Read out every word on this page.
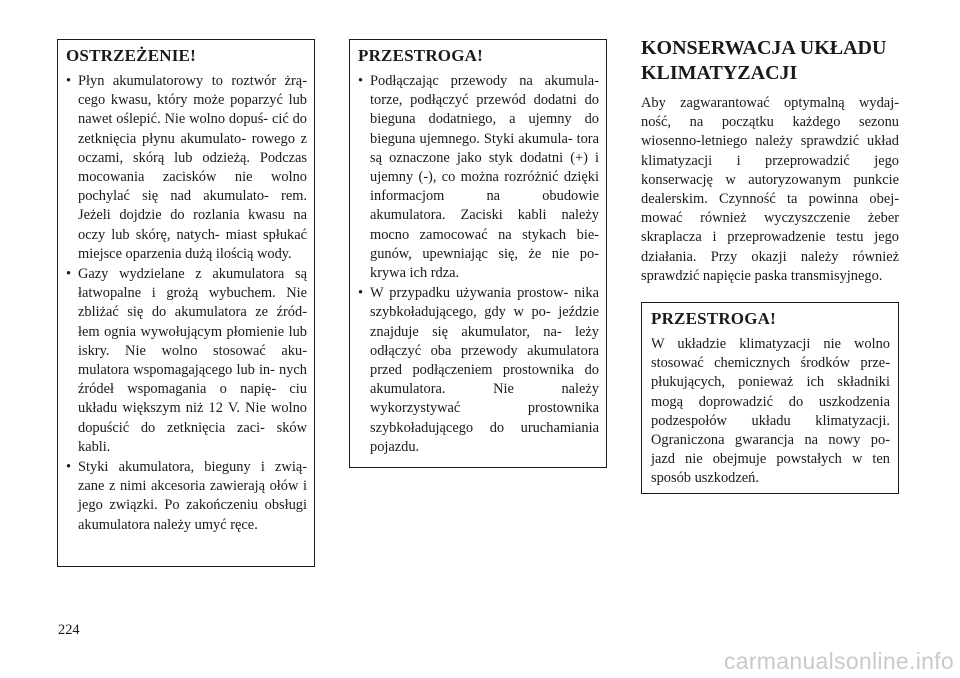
OSTRZEŻENIE!
• Płyn akumulatorowy to roztwór żrą- cego kwasu, który może poparzyć lub nawet oślepić. Nie wolno dopuś- cić do zetknięcia płynu akumulato- rowego z oczami, skórą lub odzieżą. Podczas mocowania zacisków nie wolno pochylać się nad akumulato- rem. Jeżeli dojdzie do rozlania kwasu na oczy lub skórę, natych- miast spłukać miejsce oparzenia dużą ilością wody.
• Gazy wydzielane z akumulatora są łatwopalne i grożą wybuchem. Nie zbliżać się do akumulatora ze źród- łem ognia wywołującym płomienie lub iskry. Nie wolno stosować aku- mulatora wspomagającego lub in- nych źródeł wspomagania o napię- ciu układu większym niż 12 V. Nie wolno dopuścić do zetknięcia zaci- sków kabli.
• Styki akumulatora, bieguny i zwią- zane z nimi akcesoria zawierają ołów i jego związki. Po zakończeniu obsługi akumulatora należy umyć ręce.
PRZESTROGA!
• Podłączając przewody na akumula- torze, podłączyć przewód dodatni do bieguna dodatniego, a ujemny do bieguna ujemnego. Styki akumula- tora są oznaczone jako styk dodatni (+) i ujemny (-), co można rozróżnić dzięki informacjom na obudowie akumulatora. Zaciski kabli należy mocno zamocować na stykach bie- gunów, upewniając się, że nie po- krywa ich rdza.
• W przypadku używania prostow- nika szybkoładującego, gdy w po- jeździe znajduje się akumulator, na- leży odłączyć oba przewody akumulatora przed podłączeniem prostownika do akumulatora. Nie należy wykorzystywać prostownika szybkoładującego do uruchamiania pojazdu.
KONSERWACJA UKŁADU KLIMATYZACJI

Aby zagwarantować optymalną wydaj- ność, na początku każdego sezonu wiosenno-letniego należy sprawdzić układ klimatyzacji i przeprowadzić jego konserwację w autoryzowanym punkcie dealerskim. Czynność ta powinna obej- mować również wyczyszczenie żeber skraplacza i przeprowadzenie testu jego działania. Przy okazji należy również sprawdzić napięcie paska transmisyjnego.

PRZESTROGA!

W układzie klimatyzacji nie wolno stosować chemicznych środków prze- płukujących, ponieważ ich składniki mogą doprowadzić do uszkodzenia podzespołów układu klimatyzacji. Ograniczona gwarancja na nowy po- jazd nie obejmuje powstałych w ten sposób uszkodzeń.

224
carmanualsonline.info
